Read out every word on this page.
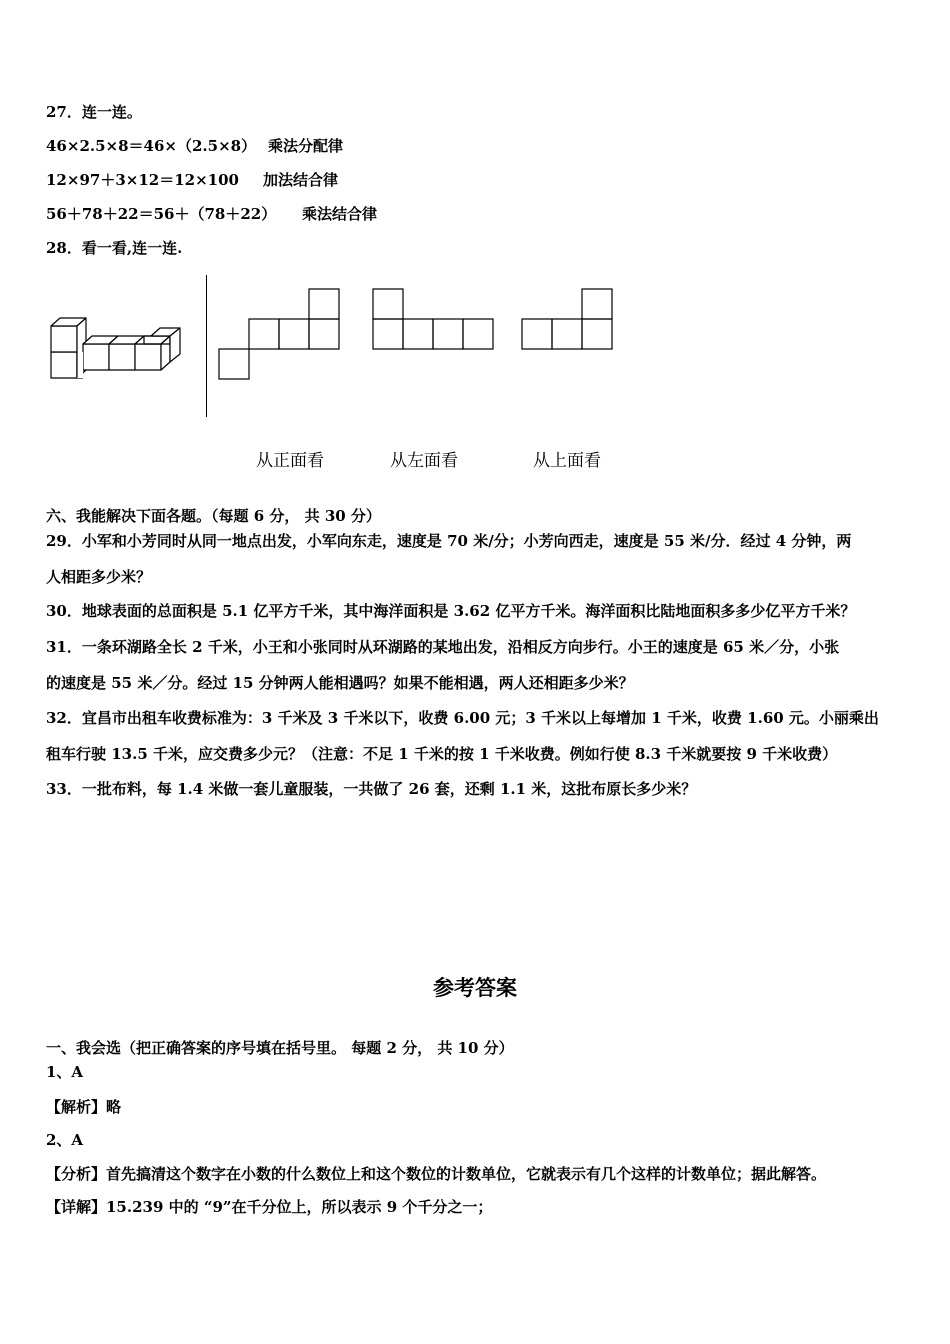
27．连一连。
46×2.5×8＝46×（2.5×8） 乘法分配律
12×97＋3×12＝12×100 加法结合律
56＋78＋22＝56＋（78＋22） 乘法结合律
28．看一看,连一连.
从正面看	从左面看	从上面看
六、我能解决下面各题。（每题 6 分， 共 30 分）
29．小军和小芳同时从同一地点出发，小军向东走，速度是 70 米/分；小芳向西走，速度是 55 米/分．经过 4 分钟，两
人相距多少米？
30．地球表面的总面积是 5.1 亿平方千米，其中海洋面积是 3.62 亿平方千米。海洋面积比陆地面积多多少亿平方千米？
31．一条环湖路全长 2 千米，小王和小张同时从环湖路的某地出发，沿相反方向步行。小王的速度是 65 米／分，小张
的速度是 55 米／分。经过 15 分钟两人能相遇吗？如果不能相遇，两人还相距多少米？
32．宜昌市出租车收费标准为：3 千米及 3 千米以下，收费 6.00 元；3 千米以上每增加 1 千米，收费 1.60 元。小丽乘出
租车行驶 13.5 千米，应交费多少元？（注意：不足 1 千米的按 1 千米收费。例如行使 8.3 千米就要按 9 千米收费）
33．一批布料，每 1.4 米做一套儿童服装，一共做了 26 套，还剩 1.1 米，这批布原长多少米？
参考答案
一、我会选（把正确答案的序号填在括号里。 每题 2 分， 共 10 分）
1、A
【解析】略
2、A
【分析】首先搞清这个数字在小数的什么数位上和这个数位的计数单位，它就表示有几个这样的计数单位；据此解答。
【详解】15.239 中的 “9”在千分位上，所以表示 9 个千分之一；
